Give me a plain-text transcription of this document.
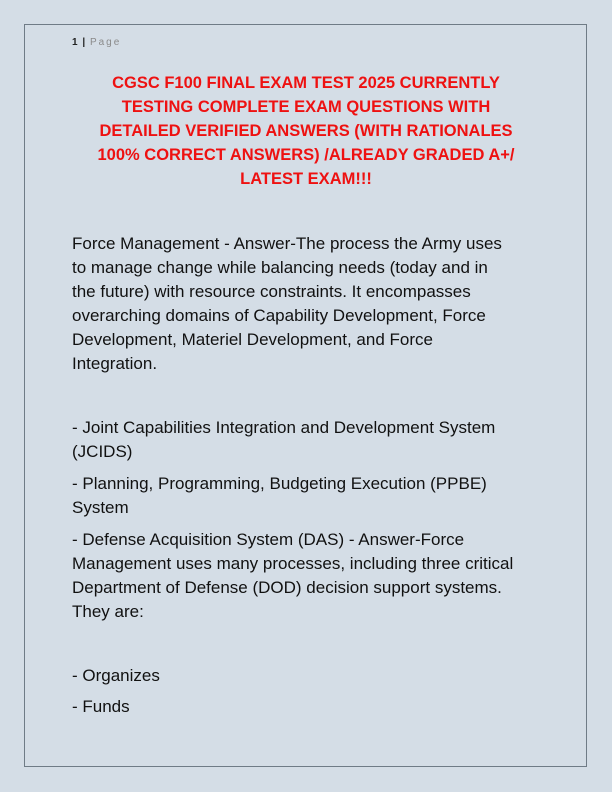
1 | Page
CGSC F100 FINAL EXAM TEST 2025 CURRENTLY
TESTING COMPLETE EXAM QUESTIONS WITH
DETAILED VERIFIED ANSWERS (WITH RATIONALES
100% CORRECT ANSWERS) /ALREADY GRADED A+/
LATEST EXAM!!!

Force Management - Answer-The process the Army uses
to manage change while balancing needs (today and in
the future) with resource constraints. It encompasses
overarching domains of Capability Development, Force
Development, Materiel Development, and Force
Integration.

- Joint Capabilities Integration and Development System
(JCIDS)

- Planning, Programming, Budgeting Execution (PPBE)
System

- Defense Acquisition System (DAS) - Answer-Force
Management uses many processes, including three critical
Department of Defense (DOD) decision support systems.
They are:

- Organizes

- Funds
